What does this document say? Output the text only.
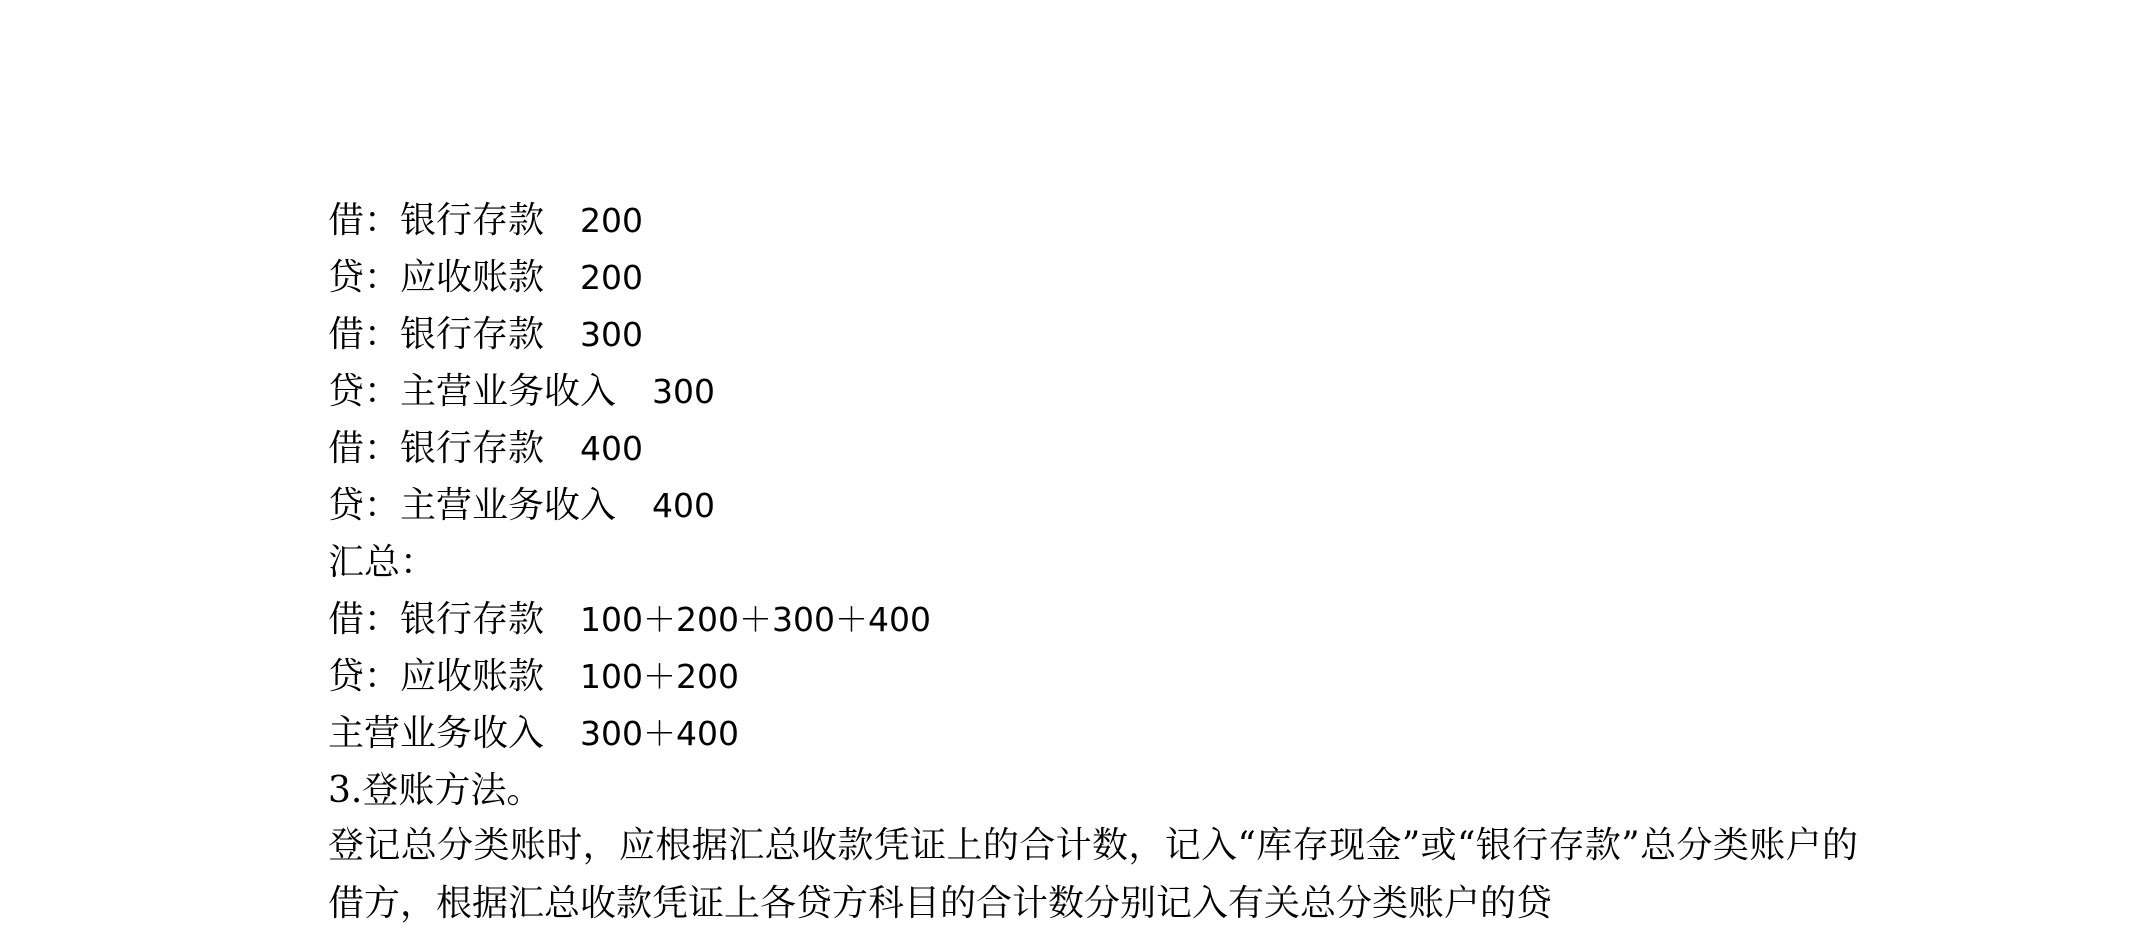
借：银行存款 200
贷：应收账款 200
借：银行存款 300
贷：主营业务收入 300
借：银行存款 400
贷：主营业务收入 400
汇总：
借：银行存款 100＋200＋300＋400
贷：应收账款 100＋200
主营业务收入 300＋400
3.登账方法。
登记总分类账时，应根据汇总收款凭证上的合计数，记入“库存现金”或“银行存款”总分类账户的借方，根据汇总收款凭证上各贷方科目的合计数分别记入有关总分类账户的贷
